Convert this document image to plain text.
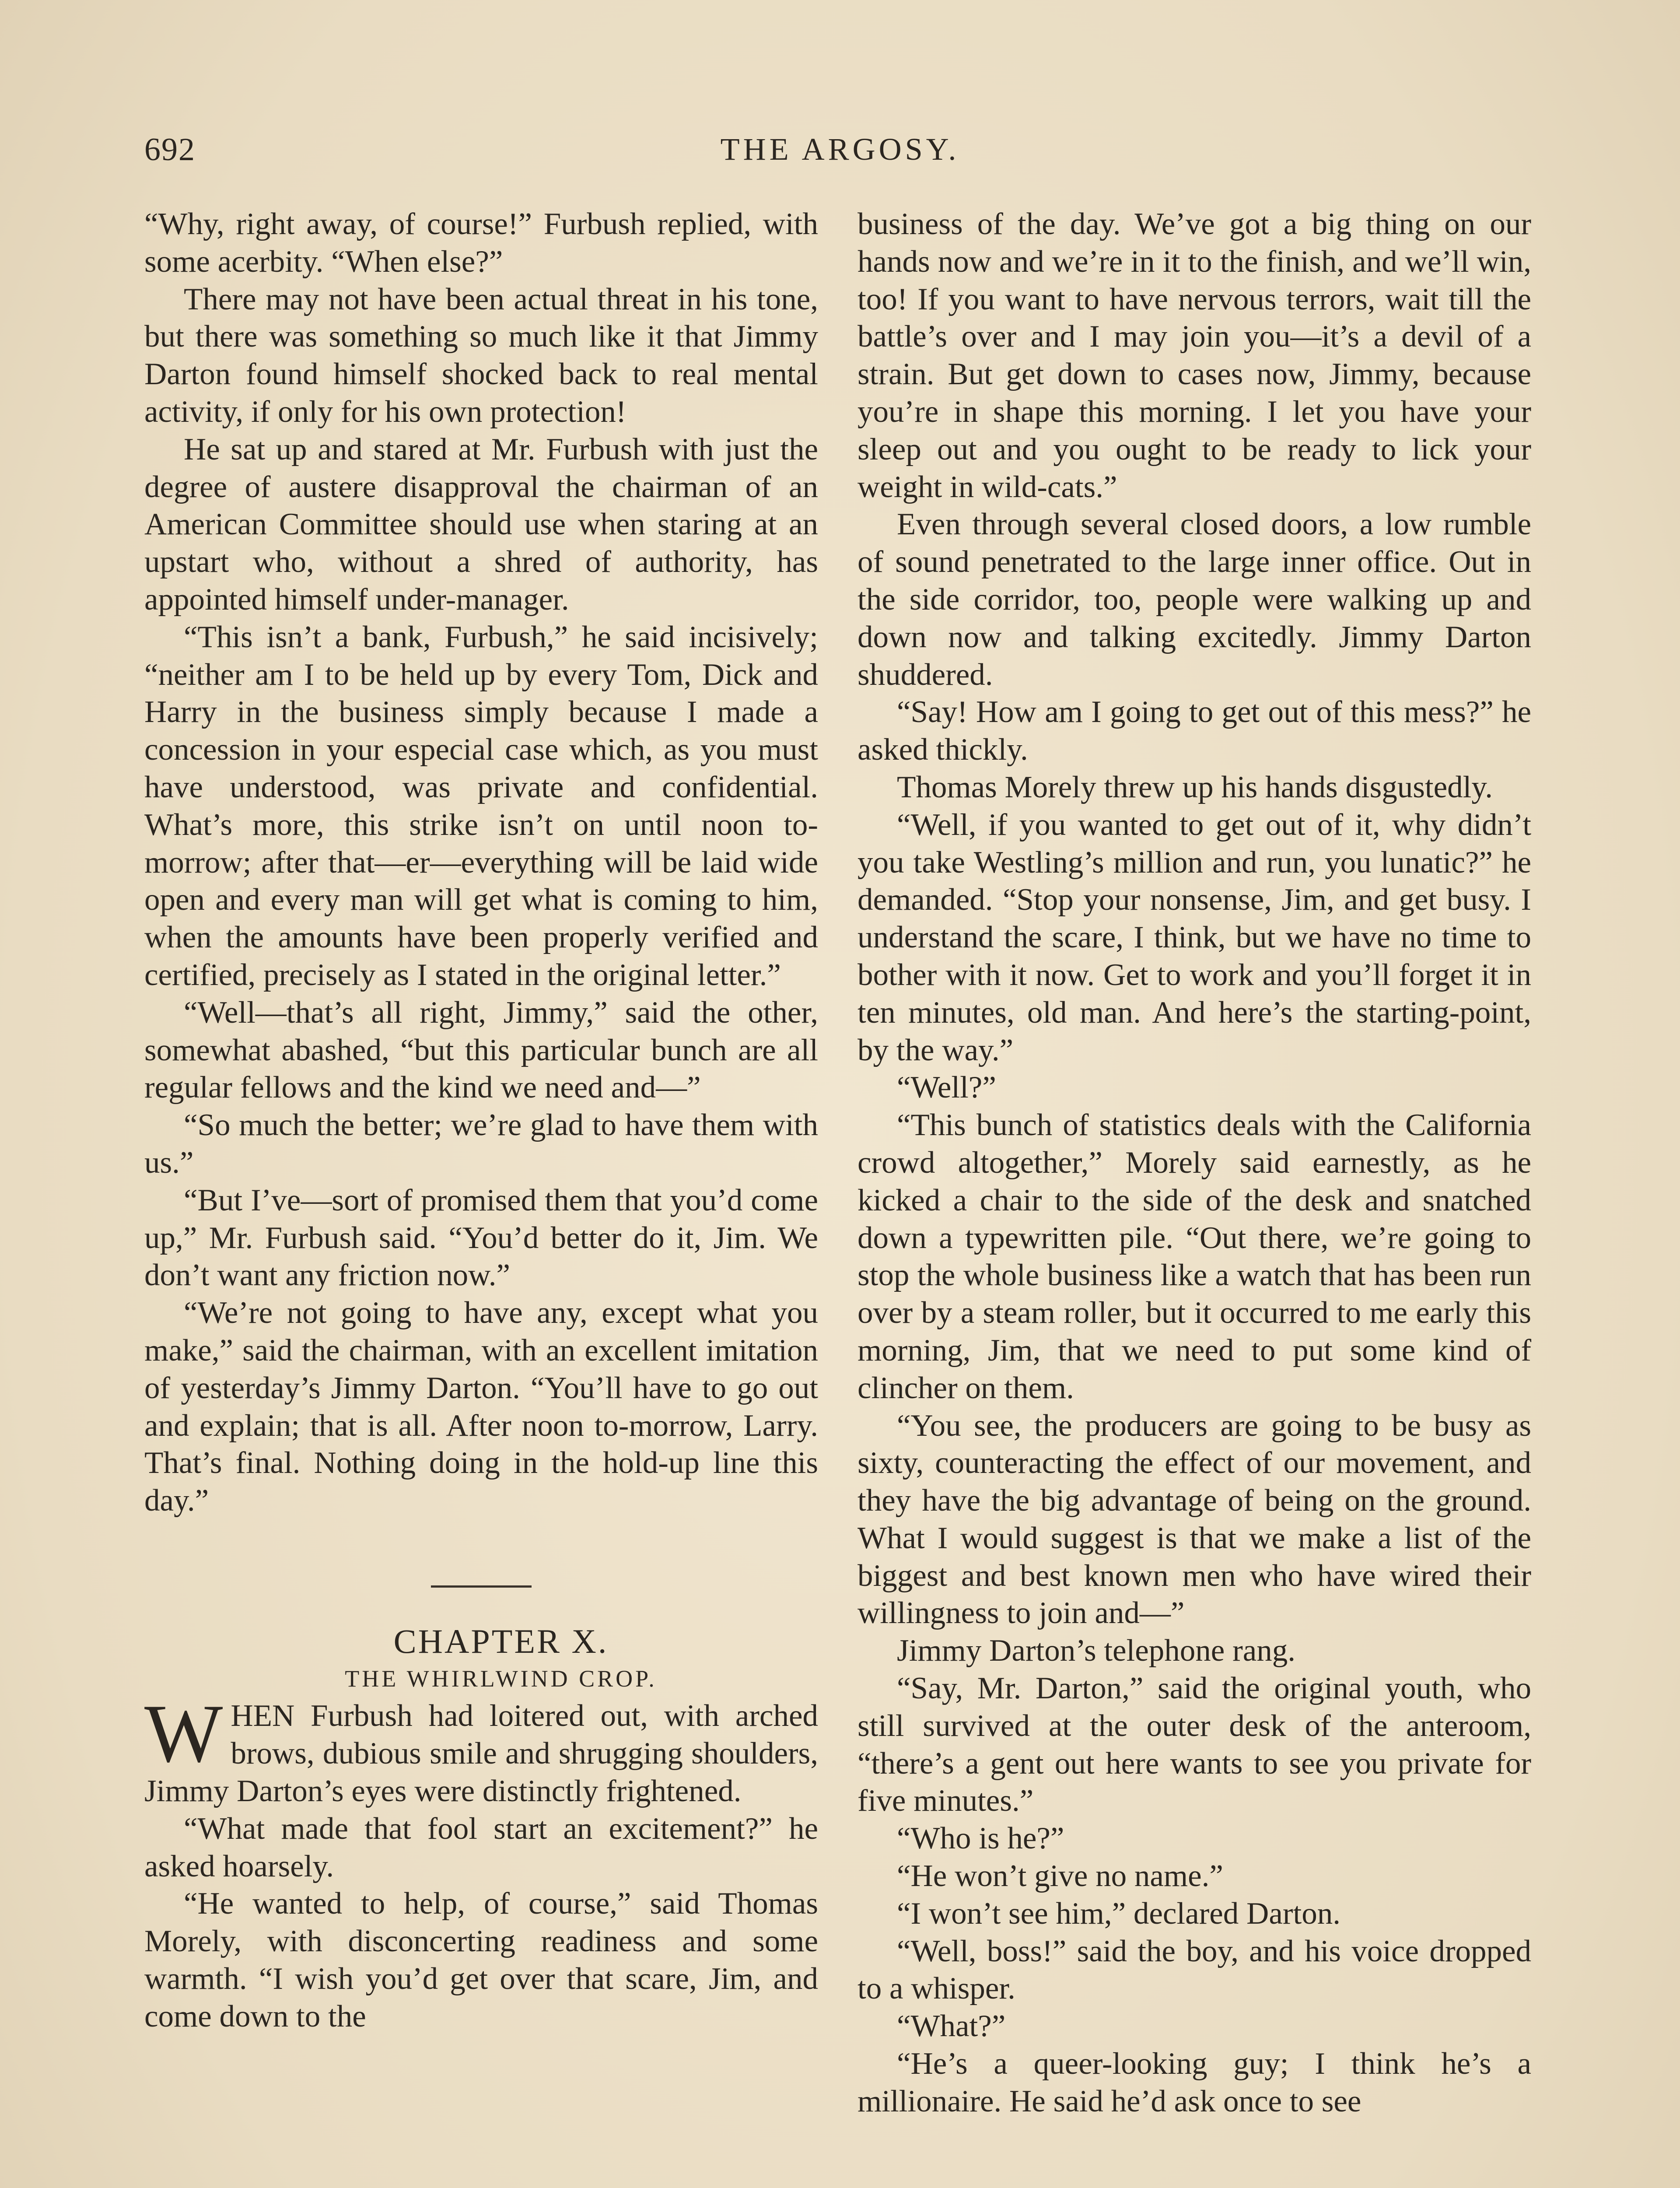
692	THE ARGOSY.

“Why, right away, of course!” Furbush replied, with some acerbity. “When else?”

There may not have been actual threat in his tone, but there was something so much like it that Jimmy Darton found himself shocked back to real mental activity, if only for his own protection!

He sat up and stared at Mr. Furbush with just the degree of austere disapproval the chairman of an American Committee should use when staring at an upstart who, without a shred of authority, has appointed himself under-manager.

“This isn’t a bank, Furbush,” he said incisively; “neither am I to be held up by every Tom, Dick and Harry in the business simply because I made a concession in your especial case which, as you must have understood, was private and confidential. What’s more, this strike isn’t on until noon to-morrow; after that—er—everything will be laid wide open and every man will get what is coming to him, when the amounts have been properly verified and certified, precisely as I stated in the original letter.”

“Well—that’s all right, Jimmy,” said the other, somewhat abashed, “but this particular bunch are all regular fellows and the kind we need and—”

“So much the better; we’re glad to have them with us.”

“But I’ve—sort of promised them that you’d come up,” Mr. Furbush said. “You’d better do it, Jim. We don’t want any friction now.”

“We’re not going to have any, except what you make,” said the chairman, with an excellent imitation of yesterday’s Jimmy Darton. “You’ll have to go out and explain; that is all. After noon to-morrow, Larry. That’s final. Nothing doing in the hold-up line this day.”

CHAPTER X.

THE WHIRLWIND CROP.

WHEN Furbush had loitered out, with arched brows, dubious smile and shrugging shoulders, Jimmy Darton’s eyes were distinctly frightened.

“What made that fool start an excitement?” he asked hoarsely.

“He wanted to help, of course,” said Thomas Morely, with disconcerting readiness and some warmth. “I wish you’d get over that scare, Jim, and come down to the

business of the day. We’ve got a big thing on our hands now and we’re in it to the finish, and we’ll win, too! If you want to have nervous terrors, wait till the battle’s over and I may join you—it’s a devil of a strain. But get down to cases now, Jimmy, because you’re in shape this morning. I let you have your sleep out and you ought to be ready to lick your weight in wild-cats.”

Even through several closed doors, a low rumble of sound penetrated to the large inner office. Out in the side corridor, too, people were walking up and down now and talking excitedly. Jimmy Darton shuddered.

“Say! How am I going to get out of this mess?” he asked thickly.

Thomas Morely threw up his hands disgustedly.

“Well, if you wanted to get out of it, why didn’t you take Westling’s million and run, you lunatic?” he demanded. “Stop your nonsense, Jim, and get busy. I understand the scare, I think, but we have no time to bother with it now. Get to work and you’ll forget it in ten minutes, old man. And here’s the starting-point, by the way.”

“Well?”

“This bunch of statistics deals with the California crowd altogether,” Morely said earnestly, as he kicked a chair to the side of the desk and snatched down a typewritten pile. “Out there, we’re going to stop the whole business like a watch that has been run over by a steam roller, but it occurred to me early this morning, Jim, that we need to put some kind of clincher on them.

“You see, the producers are going to be busy as sixty, counteracting the effect of our movement, and they have the big advantage of being on the ground. What I would suggest is that we make a list of the biggest and best known men who have wired their willingness to join and—”

Jimmy Darton’s telephone rang.

“Say, Mr. Darton,” said the original youth, who still survived at the outer desk of the anteroom, “there’s a gent out here wants to see you private for five minutes.”

“Who is he?”

“He won’t give no name.”

“I won’t see him,” declared Darton.

“Well, boss!” said the boy, and his voice dropped to a whisper.

“What?”

“He’s a queer-looking guy; I think he’s a millionaire. He said he’d ask once to see
